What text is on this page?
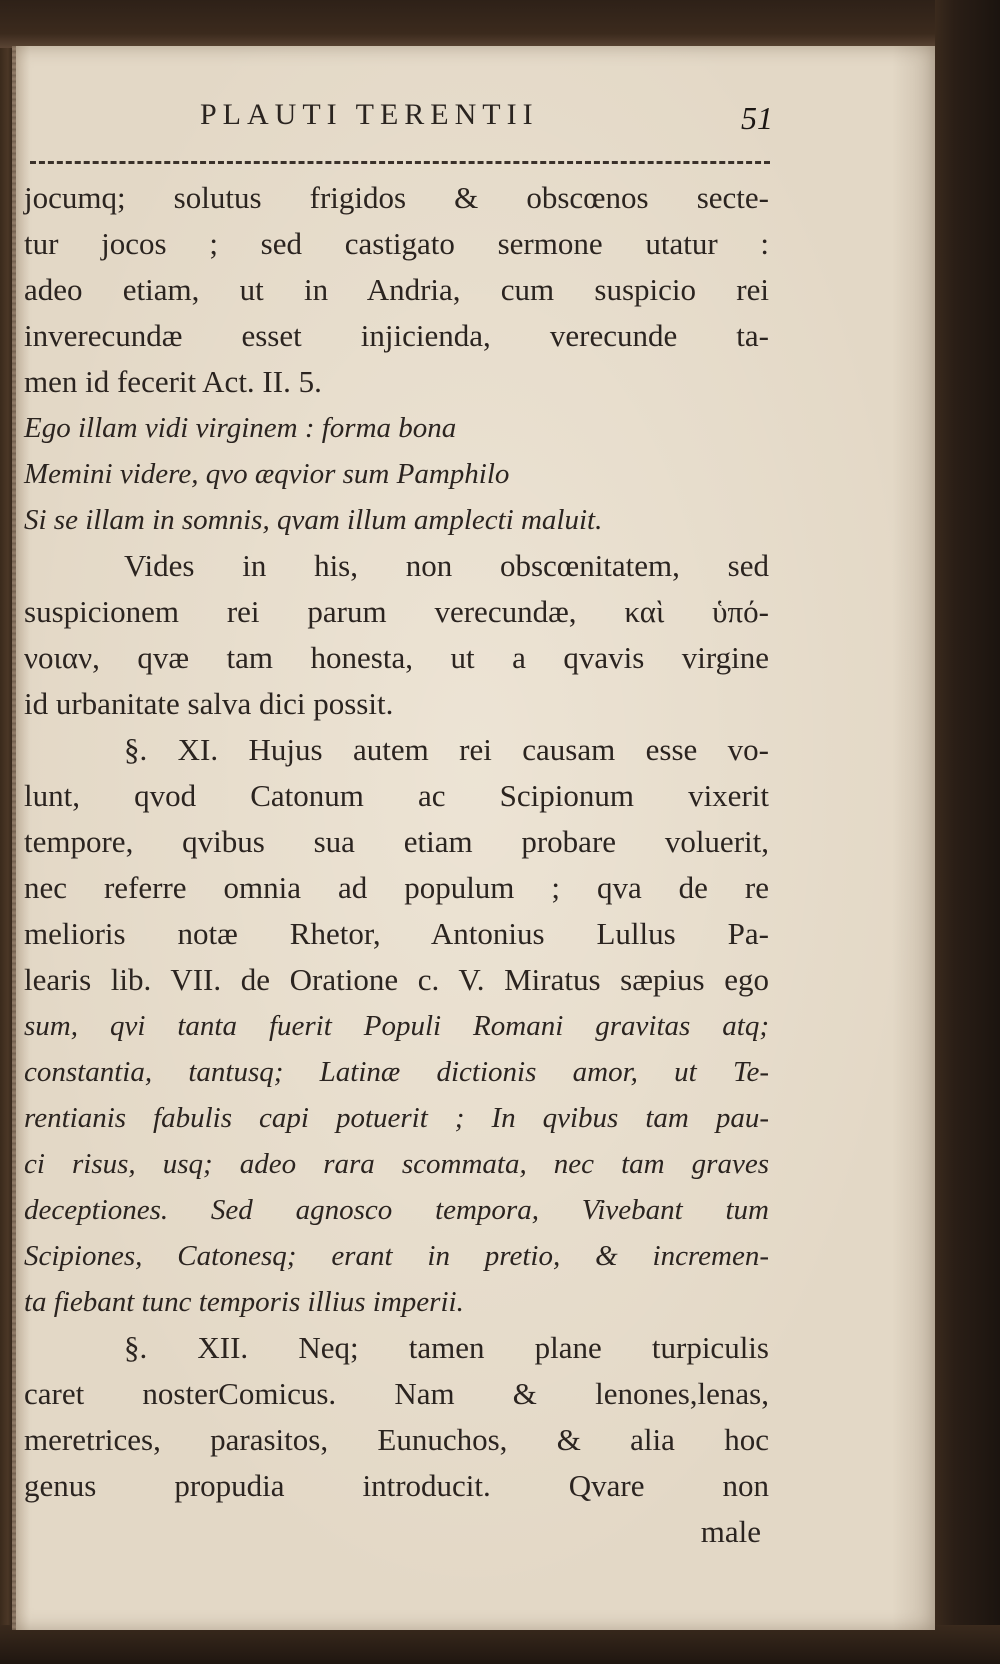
PLAUTI TERENTII	51
jocumq; solutus frigidos & obscœnos secte-
tur jocos ; sed castigato sermone utatur :
adeo etiam, ut in Andria, cum suspicio rei
inverecundæ esset injicienda, verecunde ta-
men id fecerit Act. II. 5.
Ego illam vidi virginem : forma bona
Memini videre, qvo æqvior sum Pamphilo
Si se illam in somnis, qvam illum amplecti maluit.
Vides in his, non obscœnitatem, sed
suspicionem rei parum verecundæ, καὶ ὑπό-
νοιαν, qvæ tam honesta, ut a qvavis virgine
id urbanitate salva dici possit.
§. XI. Hujus autem rei causam esse vo-
lunt, qvod Catonum ac Scipionum vixerit
tempore, qvibus sua etiam probare voluerit,
nec referre omnia ad populum ; qva de re
melioris notæ Rhetor, Antonius Lullus Pa-
learis lib. VII. de Oratione c. V. Miratus sæpius ego
sum, qvi tanta fuerit Populi Romani gravitas atq;
constantia, tantusq; Latinæ dictionis amor, ut Te-
rentianis fabulis capi potuerit ; In qvibus tam pau-
ci risus, usq; adeo rara scommata, nec tam graves
deceptiones. Sed agnosco tempora, Vivebant tum
Scipiones, Catonesq; erant in pretio, & incremen-
ta fiebant tunc temporis illius imperii.
§. XII. Neq; tamen plane turpiculis
caret nosterComicus. Nam & lenones,lenas,
meretrices, parasitos, Eunuchos, & alia hoc
genus propudia introducit. Qvare non
male
